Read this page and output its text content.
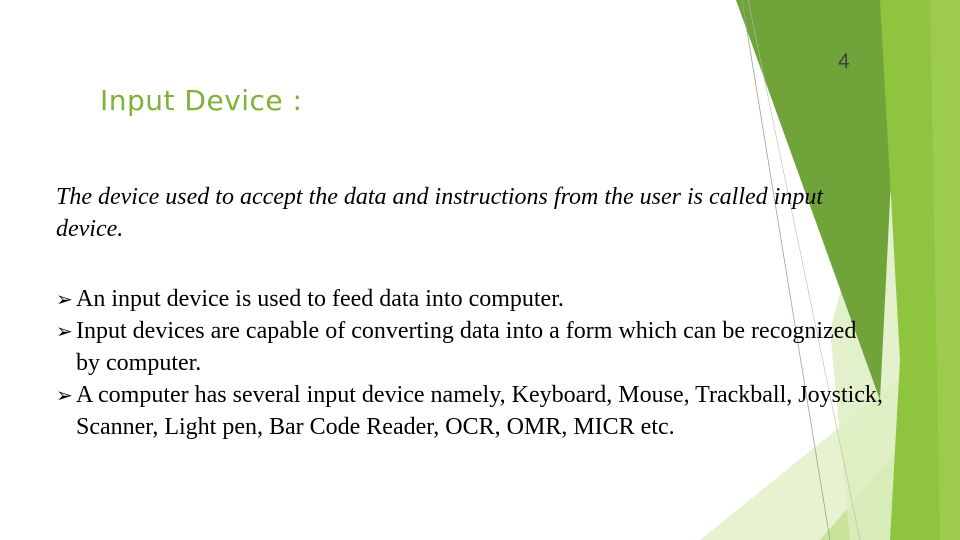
4
Input Device :

The device used to accept the data and instructions from the user is called input device.

➢ An input device is used to feed data into computer.
➢ Input devices are capable of converting data into a form which can be recognized by computer.
➢ A computer has several input device namely, Keyboard, Mouse, Trackball, Joystick, Scanner, Light pen, Bar Code Reader, OCR, OMR, MICR etc.
